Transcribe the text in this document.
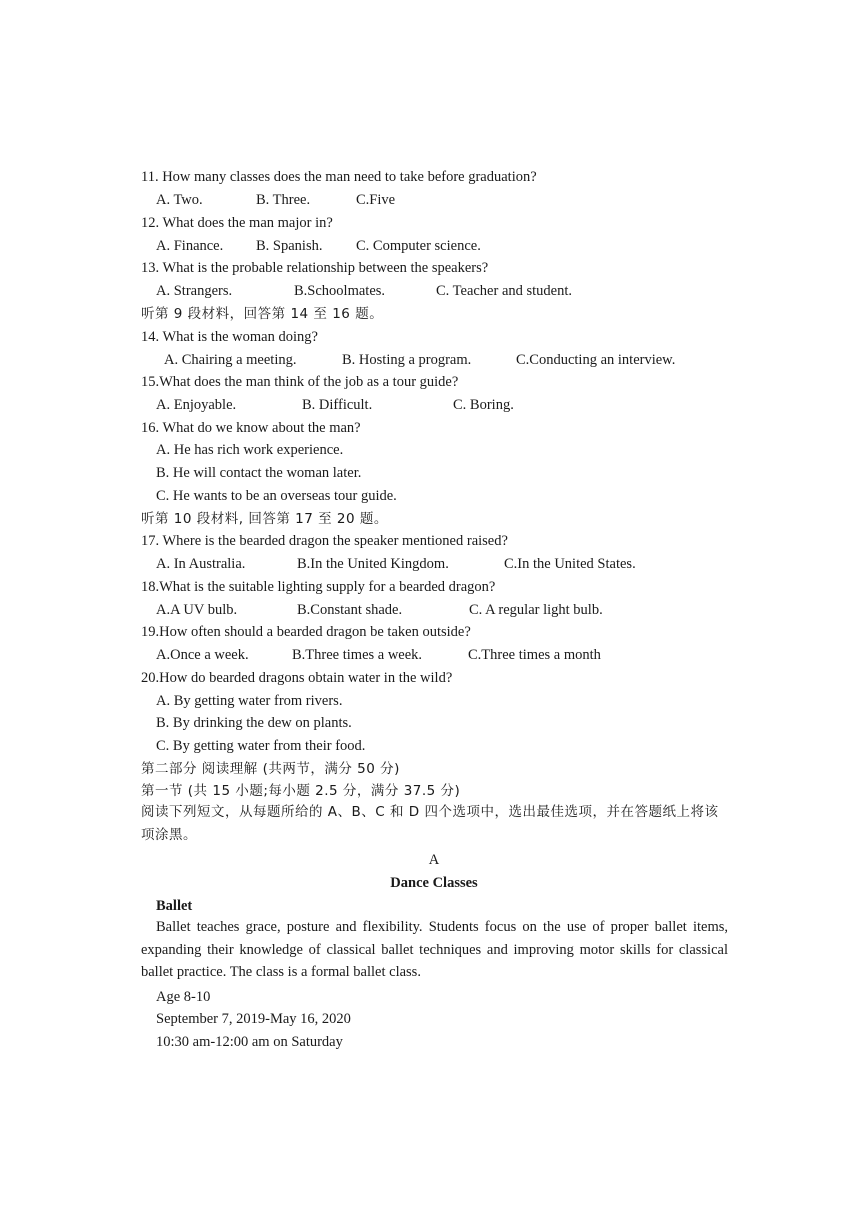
11. How many classes does the man need to take before graduation?
A. Two.	B. Three.	C.Five
12. What does the man major in?
A. Finance. B. Spanish. C. Computer science.
13. What is the probable relationship between the speakers?
A. Strangers.	B.Schoolmates.	C. Teacher and student.
听第 9 段材料，回答第 14 至 16 题。
14. What is the woman doing?
A. Chairing a meeting.	B. Hosting a program.	C.Conducting an interview.
15.What does the man think of the job as a tour guide?
A. Enjoyable.	B. Difficult.	C. Boring.
16. What do we know about the man?
A. He has rich work experience.
B. He will contact the woman later.
C. He wants to be an overseas tour guide.
听第 10 段材料, 回答第 17 至 20 题。
17. Where is the bearded dragon the speaker mentioned raised?
A. In Australia.	B.In the United Kingdom.	C.In the United States.
18.What is the suitable lighting supply for a bearded dragon?
A.A UV bulb.	B.Constant shade.	C. A regular light bulb.
19.How often should a bearded dragon be taken outside?
A.Once a week.	B.Three times a week.	C.Three times a month
20.How do bearded dragons obtain water in the wild?
A. By getting water from rivers.
B. By drinking the dew on plants.
C. By getting water from their food.
第二部分 阅读理解 (共两节，满分 50 分)
第一节 (共 15 小题;每小题 2.5 分，满分 37.5 分)
阅读下列短文，从每题所给的 A、B、C 和 D 四个选项中，选出最佳选项，并在答题纸上将该项涂黑。
A
Dance Classes
Ballet
Ballet teaches grace, posture and flexibility. Students focus on the use of proper ballet items, expanding their knowledge of classical ballet techniques and improving motor skills for classical ballet practice. The class is a formal ballet class.
Age 8-10
September 7, 2019-May 16, 2020
10:30 am-12:00 am on Saturday
